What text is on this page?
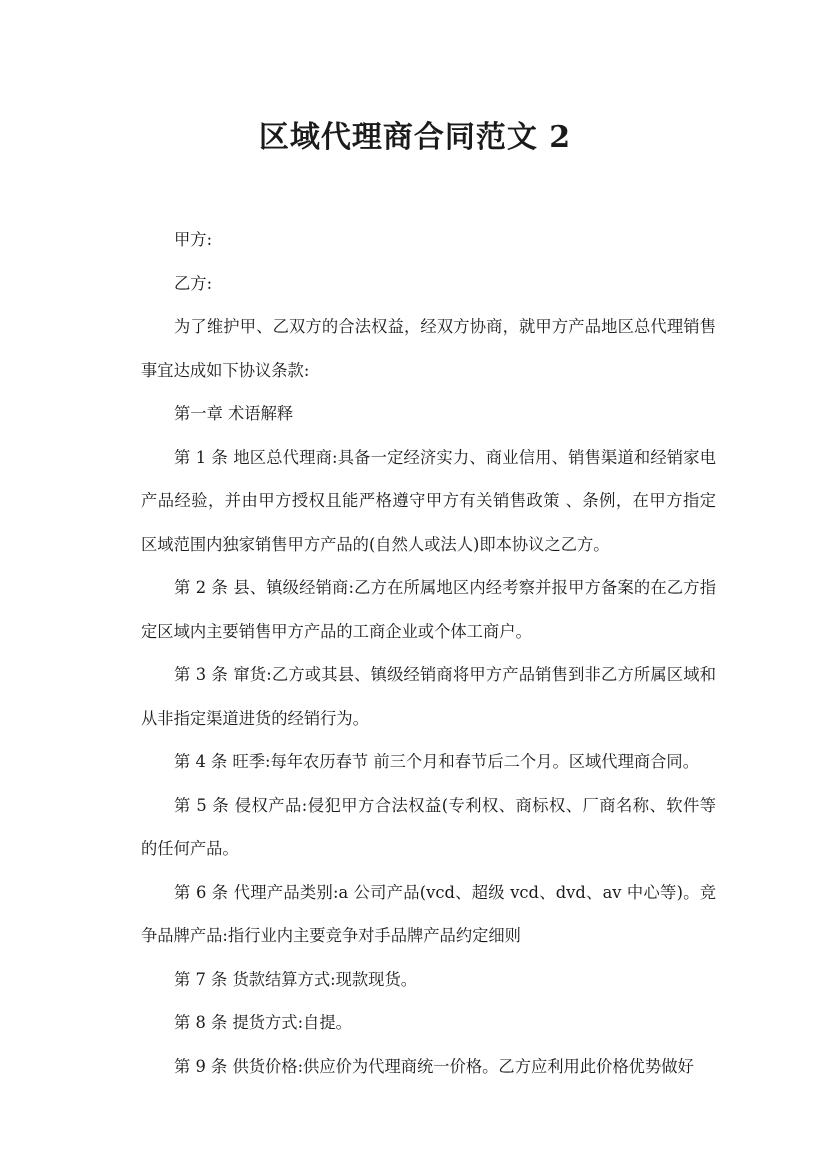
区域代理商合同范文 2

甲方:

乙方:

为了维护甲、乙双方的合法权益，经双方协商，就甲方产品地区总代理销售事宜达成如下协议条款:

第一章 术语解释

第 1 条 地区总代理商:具备一定经济实力、商业信用、销售渠道和经销家电产品经验，并由甲方授权且能严格遵守甲方有关销售政策 、条例，在甲方指定区域范围内独家销售甲方产品的(自然人或法人)即本协议之乙方。

第 2 条 县、镇级经销商:乙方在所属地区内经考察并报甲方备案的在乙方指定区域内主要销售甲方产品的工商企业或个体工商户。

第 3 条 窜货:乙方或其县、镇级经销商将甲方产品销售到非乙方所属区域和从非指定渠道进货的经销行为。

第 4 条 旺季:每年农历春节 前三个月和春节后二个月。区域代理商合同。

第 5 条 侵权产品:侵犯甲方合法权益(专利权、商标权、厂商名称、软件等的任何产品。

第 6 条 代理产品类别:a 公司产品(vcd、超级 vcd、dvd、av 中心等)。竞争品牌产品:指行业内主要竞争对手品牌产品约定细则

第 7 条 货款结算方式:现款现货。

第 8 条 提货方式:自提。

第 9 条 供货价格:供应价为代理商统一价格。乙方应利用此价格优势做好
